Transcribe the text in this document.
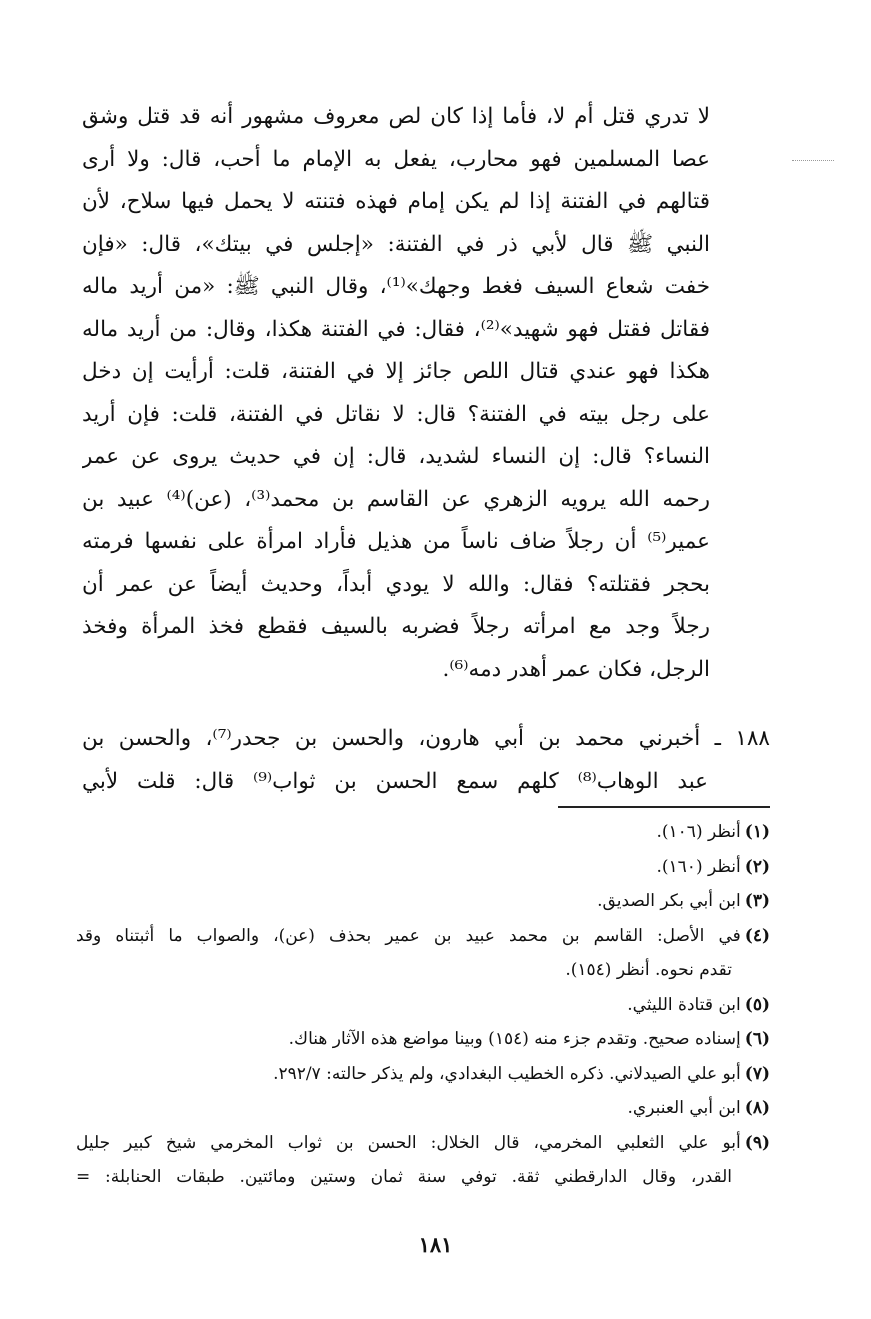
لا تدري قتل أم لا، فأما إذا كان لص معروف مشهور أنه قد قتل وشق
عصا المسلمين فهو محارب، يفعل به الإمام ما أحب، قال: ولا أرى
قتالهم في الفتنة إذا لم يكن إمام فهذه فتنته لا يحمل فيها سلاح، لأن
النبي ﷺ قال لأبي ذر في الفتنة: «إجلس في بيتك»، قال: «فإن
خفت شعاع السيف فغط وجهك»⁽¹⁾، وقال النبي ﷺ: «من أريد ماله
فقاتل فقتل فهو شهيد»⁽²⁾، فقال: في الفتنة هكذا، وقال: من أريد ماله
هكذا فهو عندي قتال اللص جائز إلا في الفتنة، قلت: أرأيت إن دخل
على رجل بيته في الفتنة؟ قال: لا نقاتل في الفتنة، قلت: فإن أريد
النساء؟ قال: إن النساء لشديد، قال: إن في حديث يروى عن عمر
رحمه الله يرويه الزهري عن القاسم بن محمد⁽³⁾، (عن)⁽⁴⁾ عبيد بن
عمير⁽⁵⁾ أن رجلاً ضاف ناساً من هذيل فأراد امرأة على نفسها فرمته
بحجر فقتلته؟ فقال: والله لا يودي أبداً، وحديث أيضاً عن عمر أن
رجلاً وجد مع امرأته رجلاً فضربه بالسيف فقطع فخذ المرأة وفخذ
الرجل، فكان عمر أهدر دمه⁽⁶⁾.
١٨٨ ـ أخبرني محمد بن أبي هارون، والحسن بن جحدر⁽⁷⁾، والحسن بن
عبد الوهاب⁽⁸⁾ كلهم سمع الحسن بن ثواب⁽⁹⁾ قال: قلت لأبي
(١)أنظر (١٠٦).
(٢)أنظر (١٦٠).
(٣)ابن أبي بكر الصديق.
(٤)في الأصل: القاسم بن محمد عبيد بن عمير بحذف (عن)، والصواب ما أثبتناه وقد
تقدم نحوه. أنظر (١٥٤).
(٥)ابن قتادة الليثي.
(٦)إسناده صحيح. وتقدم جزء منه (١٥٤) وبينا مواضع هذه الآثار هناك.
(٧)أبو علي الصيدلاني. ذكره الخطيب البغدادي، ولم يذكر حالته: ٢٩٢/٧.
(٨)ابن أبي العنبري.
(٩)أبو علي الثعلبي المخرمي، قال الخلال: الحسن بن ثواب المخرمي شيخ كبير جليل
القدر، وقال الدارقطني ثقة. توفي سنة ثمان وستين ومائتين. طبقات الحنابلة: =
١٨١
